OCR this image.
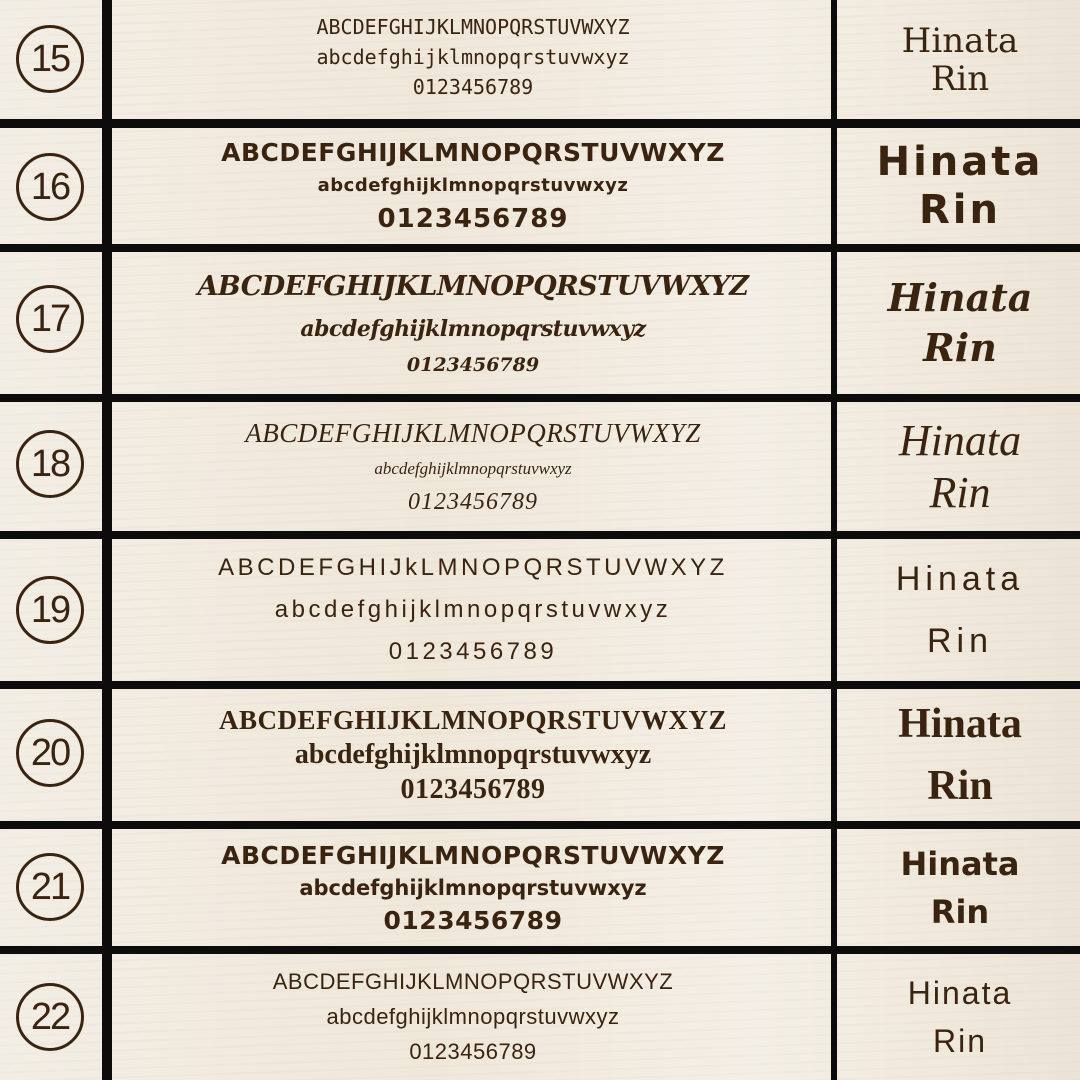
15
ABCDEFGHIJKLMNOPQRSTUVWXYZ
abcdefghijklmnopqrstuvwxyz
0123456789
Hinata
Rin
16
ABCDEFGHIJKLMNOPQRSTUVWXYZ
abcdefghijklmnopqrstuvwxyz
0123456789
Hinata
Rin
17
ABCDEFGHIJKLMNOPQRSTUVWXYZ
abcdefghijklmnopqrstuvwxyz
0123456789
Hinata
Rin
18
ABCDEFGHIJKLMNOPQRSTUVWXYZ
abcdefghijklmnopqrstuvwxyz
0123456789
Hinata
Rin
19
ABCDEFGHIJkLMNOPQRSTUVWXYZ
abcdefghijklmnopqrstuvwxyz
0123456789
Hinata
Rin
20
ABCDEFGHIJKLMNOPQRSTUVWXYZ
abcdefghijklmnopqrstuvwxyz
0123456789
Hinata
Rin
21
ABCDEFGHIJKLMNOPQRSTUVWXYZ
abcdefghijklmnopqrstuvwxyz
0123456789
Hinata
Rin
22
ABCDEFGHIJKLMNOPQRSTUVWXYZ
abcdefghijklmnopqrstuvwxyz
0123456789
Hinata
Rin
